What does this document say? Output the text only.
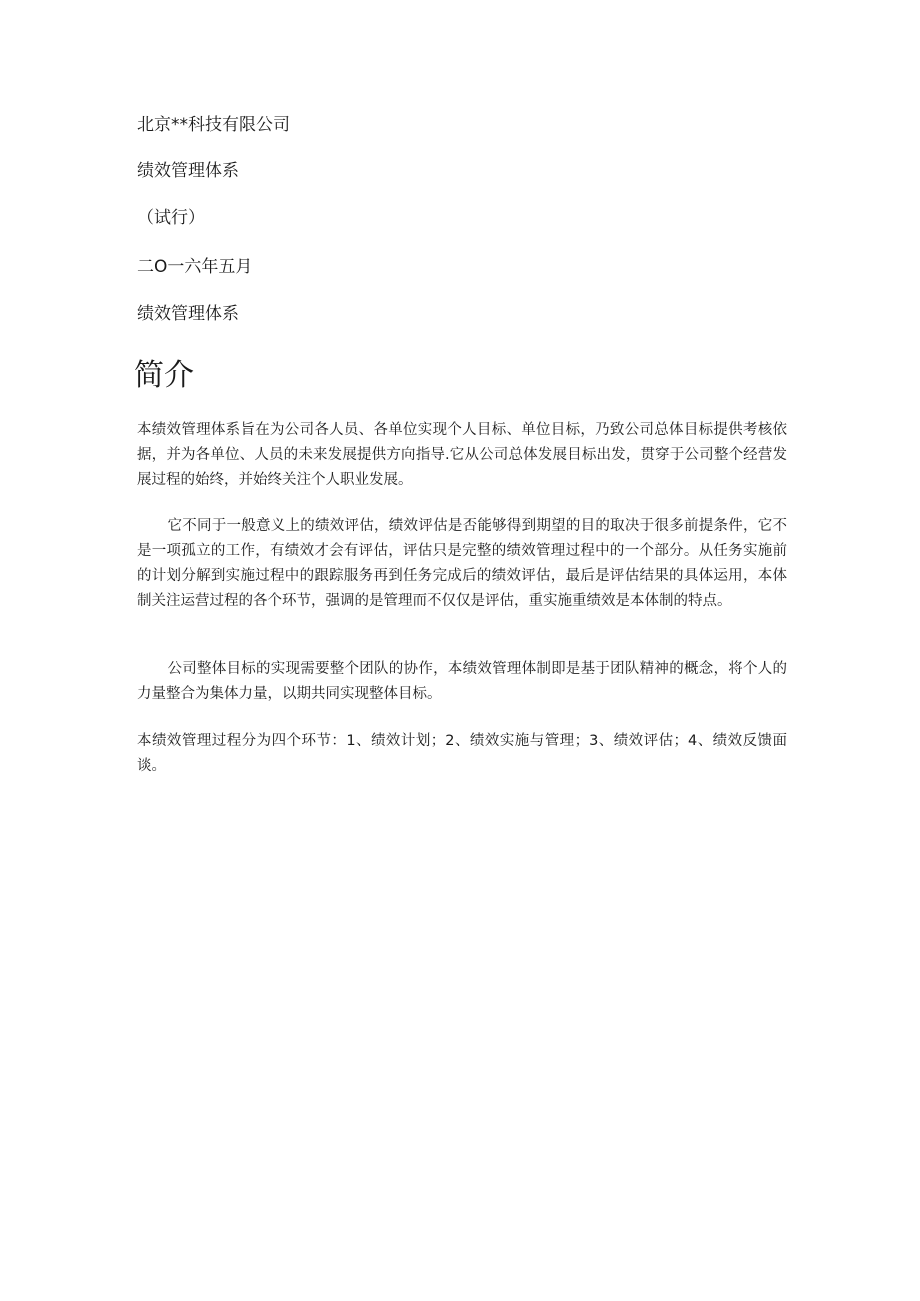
北京**科技有限公司
绩效管理体系
（试行）
二O一六年五月
绩效管理体系
简介

本绩效管理体系旨在为公司各人员、各单位实现个人目标、单位目标，乃致公司总体目标提供考核依据，并为各单位、人员的未来发展提供方向指导.它从公司总体发展目标出发，贯穿于公司整个经营发展过程的始终，并始终关注个人职业发展。

它不同于一般意义上的绩效评估，绩效评估是否能够得到期望的目的取决于很多前提条件，它不是一项孤立的工作，有绩效才会有评估，评估只是完整的绩效管理过程中的一个部分。从任务实施前的计划分解到实施过程中的跟踪服务再到任务完成后的绩效评估，最后是评估结果的具体运用，本体制关注运营过程的各个环节，强调的是管理而不仅仅是评估，重实施重绩效是本体制的特点。

公司整体目标的实现需要整个团队的协作，本绩效管理体制即是基于团队精神的概念，将个人的力量整合为集体力量，以期共同实现整体目标。

本绩效管理过程分为四个环节：1、绩效计划；2、绩效实施与管理；3、绩效评估；4、绩效反馈面谈。
